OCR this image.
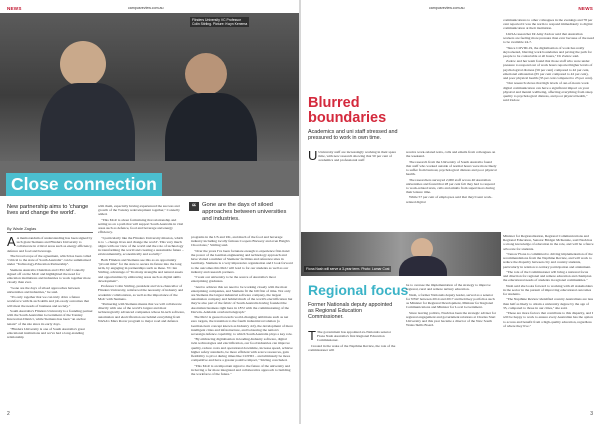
NEWS	campusreview.com.au
Flinders University VC Professor
Colin Stirling. Picture: Kwyn Kenema
Close connection
New partnership aims to 'change lives and change the world'.
By Wade Zaglas
“ Gone are the days of siloed approaches between universities and industries.

A A memorandum of understanding has been signed by tech giant Siemens and Flinders University to collaborate in critical areas such as energy efficiency, defence and food and beverage.

The broad scope of the agreement, which has been called "critical to the state of South Australia" can be summarised under "Technology-Education Partnership".

Siemens Australia Chairman and CEO Jeff Connolly signed off on the MoU and highlighted the need for education institutions and industries to work together more closely than ever.

"Gone are the days of siloed approaches between universities and industries," he said.

"It's only together that we can truly drive a future workforce with hi-tech skills and job-ready outcomes that will meet the needs of business and society."

South Australia's Flinders University is a founding partner with the South Australian Government of the Tonsley Innovation District, while Siemens has been "an anchor tenant" of the site since its early days.

"Flinders University is one of South Australia's great educational institutions and we've had a long-standing relationship

with them, especially having experienced the success and growth of the Tonsley redevelopment together," Connolly added.

"This MoU is about formalising that relationship and setting us on a path that will support South Australia in vital areas such as defence, food and beverage and energy efficiency.

"I particularly like the Flinders University mission, which is to '...change lives and change the world'. This very much aligns with our view of the world and the role of technology in transforming the world and creating a sustainable future – environmentally, economically and socially."

Both Flinders and Siemens see this as an opportunity "pivotal time" for the state to secure its future into the long term, by engaging in partnerships such as these. VC Ian Stirling, advantage of "Its many strengths and natural assets and opportunities by embracing areas such as digital skills development".

Professor Colin Stirling, president and vice-chancellor of Flinders University, reinforced the necessity of industry and academic collaboration, as well as the importance of the MoU with Siemens.

"Partnering with Siemens means that we will collaborate directly with one of the world's largest and most technologically advanced companies whose hi-tech software, automation and electrification are behind everything from NASA's Mars Rover program to major road and defence

programs in the US and UK, and much of the food and beverage industry including locally famous Coopers Brewery and even Haigh's Chocolates," Stirling said.

"Over the years I've been fortunate enough to experience first-hand the power of the German engineering and technology approach and have visited a number of Siemens' facilities and reference sites in Germany. Siemens is a very impressive organisation and I look forward to the outcomes this MoU will lead to for our students as well as our industry and research partners.

"I want our university to be the source of Australia's most enterprising graduates.

"And to achieve this we need to be working closely with the most enterprising companies, and Siemens fit the bill first of time. Not only are Siemens the largest industrial software company, the largest automation company and behind much of the world's electrification but they're also part of the fabric of South Australia having founded the Australian business right here in 1872 with the commissioning of the Darwin–Adelaide overland telegraph."

The MoU is geared towards world-changing ambitions such as net zero targets, the transition to the fourth industrial revolution (a German-born concept known as Industry 4.0), the development of more intelligent cities and infrastructure, and bolstering the nation's sovereign defence capability, to which South Australia plays a key role.

"By embracing digitalisation in leading-Industry software, digital twin technologies and electrification, our food industries can improve quality, reduce costs and operational downtime, increase speed, achieve higher safety standards, be more efficient with scarce resources, gain flexibility to pivot during times like COVID – and ultimately be more competitive and have a greater positive impact," Stirling concluded.

"This MoU is an important signal to the future of the university and in having a far more integrated and collaborative approach to building the workforce of the future."

2
NEWS
campusreview.com.au
Blurred
boundaries
Academics and uni staff stressed and pressured to work in own time.

U University staff are increasingly working in their spare time, with new research showing that 50 per cent of academics and professional staff

receive work-related texts, calls and emails from colleagues on the weekend.

The research from the University of South Australia found that staff who worked outside of normal hours were more likely to suffer from burnout, psychological distress and poor physical health.

The researchers surveyed 2,000 staff across 40 Australian universities and found that 28 per cent felt they had to respond to work-related texts, calls and emails from supervisors during their leisure time.

While 57 per cent of employees said that they'd sent work-related digital

communications to other colleagues in the evenings and 78 per cent reported it was the norm to respond immediately to digital communication at their institution.

UniSA researcher Dr Amy Zadow said that Australian workers are feeling more pressure than ever because of the need to be available 24-7.

"Since COVID-19, the digitalisation of work has really skyrocketed, blurring work boundaries and paving the path for people to be contactable at all hours," Dr Zadow said.

Zadow and her team found that those staff who were under pressure to respond out of work hours reported higher levels of psychological distress (56 per cent) compared to 42 per cent, emotional exhaustion (65 per cent compared to 42 per cent), and poor physical health (35 per cent compared to 23 per cent).

"Our research shows that high levels of out-of-hours work digital communication can have a significant impact on your physical and mental wellbeing, affecting everything from sleep quality to psychological distress, and poor physical health," said Zadow.

Fiona Nash will serve a 3-year term. Photo: Lamar Cost
Regional focus
Former Nationals deputy appointed as Regional Education Commissioner.

T The government has appointed ex-Nationals senator Fiona Nash Australia's first Regional Education Commissioner.

Created in the wake of the Napthine Review, the role of the commissioner will

be to oversee the implementation of the strategy to improve regional, rural and remote tertiary education.

Nash, a former Nationals deputy leader, served as a senator for NSW between 2014 and 2017 and held key portfolios such as Minister for Regional Development, Minister for Regional Communications and Minister for Local Government.

Since leaving politics, Nash has been the strategic adviser for regional engagement and government relations at Charles Sturt University and this year became a director of the New South Wales Skills Board.

Minister for Regionalisation, Regional Communications and Regional Education, Senator Bridget McKenzie, said Nash has a strong knowledge of education in the role, and will be a fierce advocate for students.

"I know Fiona is committed to driving implementation of the recommendations from the Napthine Review, and will work to reduce the disparity between city and country students, particularly in relation to tertiary participation and attainment.

"The role of the Commissioner will bring a national focus and direction for regional and remote education and champion the educational needs of students in regional communities."

Nash said she looks forward to working with all stakeholders in the sector in the pursuit of improving educational outcomes for students.

"The Napthine Review identified country Australians are less than half as likely to obtain a university degree by the age of 35, compared to those in our cities," she said.

"These are more factors that contribute to this disparity, and I will be happy to work to ensure every Australian has the option to access and benefit from a high-quality education, regardless of where they live."

3
